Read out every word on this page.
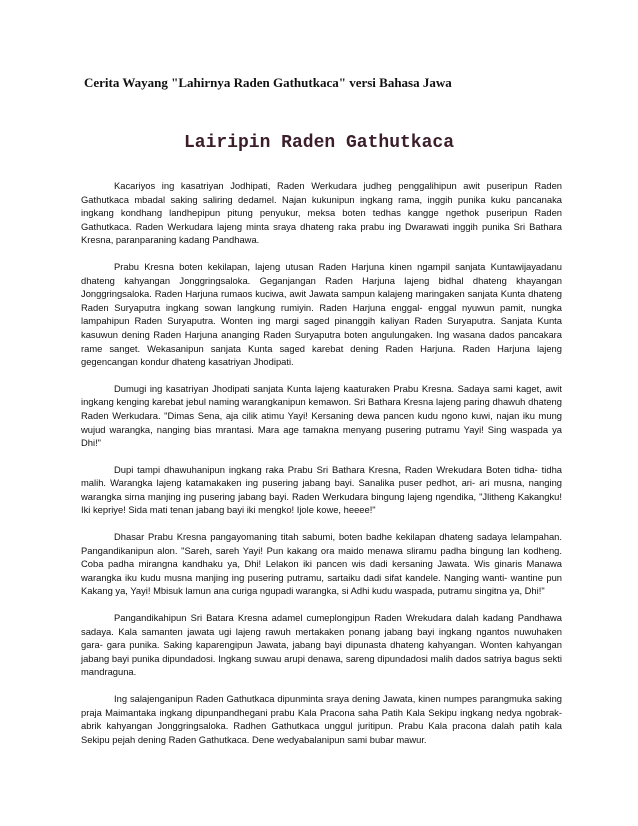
Cerita Wayang "Lahirnya Raden Gathutkaca" versi Bahasa Jawa
Lairipin Raden Gathutkaca

Kacariyos ing kasatriyan Jodhipati, Raden Werkudara judheg penggalihipun awit puseripun Raden Gathutkaca mbadal saking saliring dedamel. Najan kukunipun ingkang rama, inggih punika kuku pancanaka ingkang kondhang landhepipun pitung penyukur, meksa boten tedhas kangge ngethok puseripun Raden Gathutkaca. Raden Werkudara lajeng minta sraya dhateng raka prabu ing Dwarawati inggih punika Sri Bathara Kresna, paranparaning kadang Pandhawa.

Prabu Kresna boten kekilapan, lajeng utusan Raden Harjuna kinen ngampil sanjata Kuntawijayadanu dhateng kahyangan Jonggringsaloka. Geganjangan Raden Harjuna lajeng bidhal dhateng khayangan Jonggringsaloka. Raden Harjuna rumaos kuciwa, awit Jawata sampun kalajeng maringaken sanjata Kunta dhateng Raden Suryaputra ingkang sowan langkung rumiyin. Raden Harjuna enggal- enggal nyuwun pamit, nungka lampahipun Raden Suryaputra. Wonten ing margi saged pinanggih kaliyan Raden Suryaputra. Sanjata Kunta kasuwun dening Raden Harjuna ananging Raden Suryaputra boten angulungaken. Ing wasana dados pancakara rame sanget. Wekasanipun sanjata Kunta saged karebat dening Raden Harjuna. Raden Harjuna lajeng gegencangan kondur dhateng kasatriyan Jhodipati.

Dumugi ing kasatriyan Jhodipati sanjata Kunta lajeng kaaturaken Prabu Kresna. Sadaya sami kaget, awit ingkang kenging karebat jebul naming warangkanipun kemawon. Sri Bathara Kresna lajeng paring dhawuh dhateng Raden Werkudara. "Dimas Sena, aja cilik atimu Yayi! Kersaning dewa pancen kudu ngono kuwi, najan iku mung wujud warangka, nanging bias mrantasi. Mara age tamakna menyang pusering putramu Yayi! Sing waspada ya Dhi!"

Dupi tampi dhawuhanipun ingkang raka Prabu Sri Bathara Kresna, Raden Wrekudara Boten tidha- tidha malih. Warangka lajeng katamakaken ing pusering jabang bayi. Sanalika puser pedhot, ari- ari musna, nanging warangka sirna manjing ing pusering jabang bayi. Raden Werkudara bingung lajeng ngendika, "Jlitheng Kakangku! Iki kepriye! Sida mati tenan jabang bayi iki mengko! Ijole kowe, heeee!"

Dhasar Prabu Kresna pangayomaning titah sabumi, boten badhe kekilapan dhateng sadaya lelampahan. Pangandikanipun alon. "Sareh, sareh Yayi! Pun kakang ora maido menawa sliramu padha bingung lan kodheng. Coba padha mirangna kandhaku ya, Dhi! Lelakon iki pancen wis dadi kersaning Jawata. Wis ginaris Manawa warangka iku kudu musna manjing ing pusering putramu, sartaiku dadi sifat kandele. Nanging wanti- wantine pun Kakang ya, Yayi! Mbisuk lamun ana curiga ngupadi warangka, si Adhi kudu waspada, putramu singitna ya, Dhi!"

Pangandikahipun Sri Batara Kresna adamel cumeplongipun Raden Wrekudara dalah kadang Pandhawa sadaya. Kala samanten jawata ugi lajeng rawuh mertakaken ponang jabang bayi ingkang ngantos nuwuhaken gara- gara punika. Saking kaparengipun Jawata, jabang bayi dipunasta dhateng kahyangan. Wonten kahyangan jabang bayi punika dipundadosi. Ingkang suwau arupi denawa, sareng dipundadosi malih dados satriya bagus sekti mandraguna.

Ing salajenganipun Raden Gathutkaca dipunminta sraya dening Jawata, kinen numpes parangmuka saking praja Maimantaka ingkang dipunpandhegani prabu Kala Pracona saha Patih Kala Sekipu ingkang nedya ngobrak- abrik kahyangan Jonggringsaloka. Radhen Gathutkaca unggul juritipun. Prabu Kala pracona dalah patih kala Sekipu pejah dening Raden Gathutkaca. Dene wedyabalanipun sami bubar mawur.
